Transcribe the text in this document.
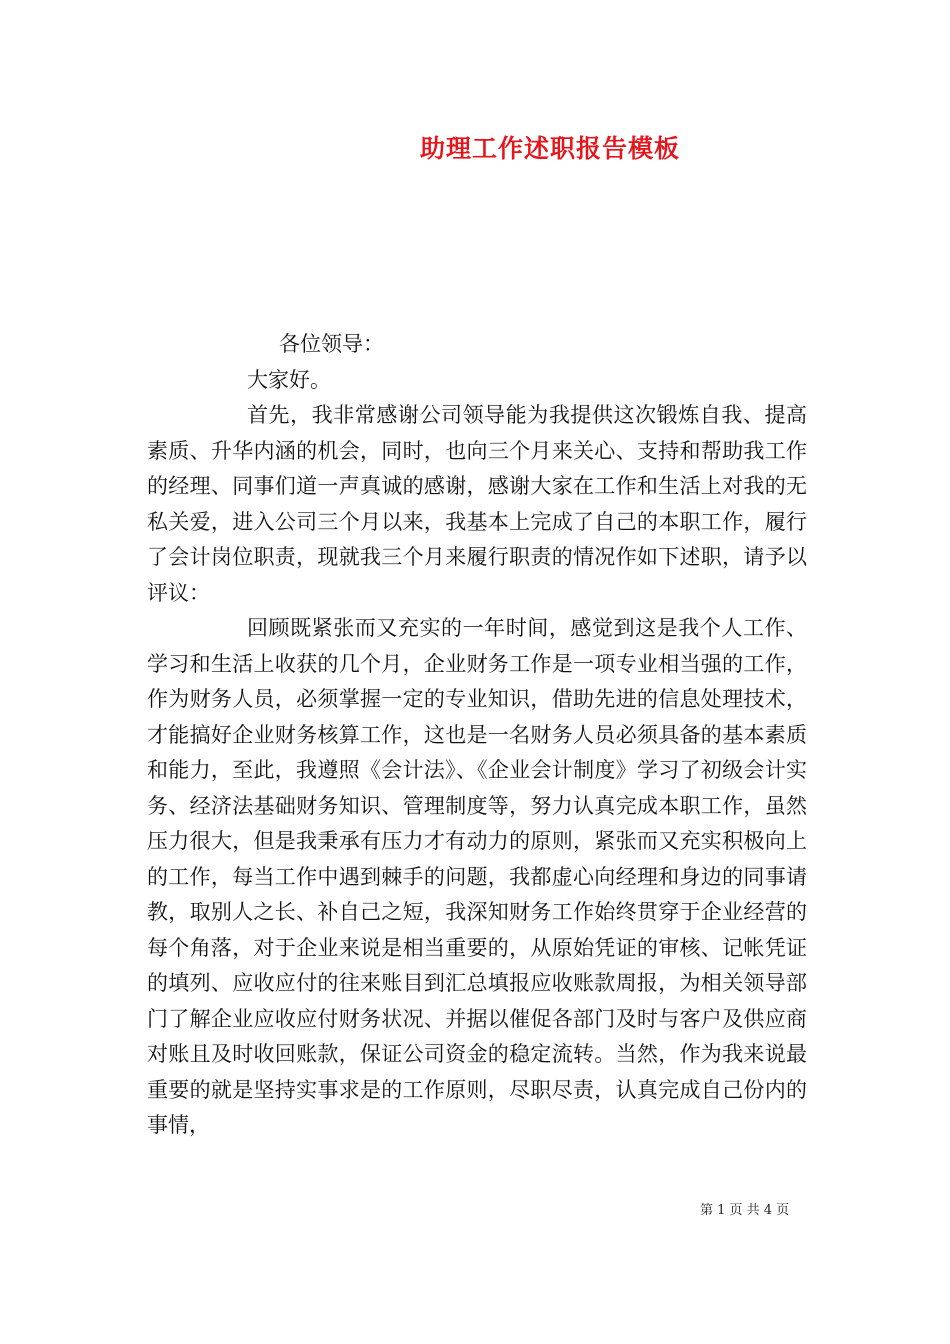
助理工作述职报告模板

各位领导：

大家好。

首先，我非常感谢公司领导能为我提供这次锻炼自我、提高素质、升华内涵的机会，同时，也向三个月来关心、支持和帮助我工作的经理、同事们道一声真诚的感谢，感谢大家在工作和生活上对我的无私关爱，进入公司三个月以来，我基本上完成了自己的本职工作，履行了会计岗位职责，现就我三个月来履行职责的情况作如下述职，请予以评议：

回顾既紧张而又充实的一年时间，感觉到这是我个人工作、学习和生活上收获的几个月，企业财务工作是一项专业相当强的工作，作为财务人员，必须掌握一定的专业知识，借助先进的信息处理技术，才能搞好企业财务核算工作，这也是一名财务人员必须具备的基本素质和能力，至此，我遵照《会计法》、《企业会计制度》学习了初级会计实务、经济法基础财务知识、管理制度等，努力认真完成本职工作，虽然压力很大，但是我秉承有压力才有动力的原则，紧张而又充实积极向上的工作，每当工作中遇到棘手的问题，我都虚心向经理和身边的同事请教，取别人之长、补自己之短，我深知财务工作始终贯穿于企业经营的每个角落，对于企业来说是相当重要的，从原始凭证的审核、记帐凭证的填列、应收应付的往来账目到汇总填报应收账款周报，为相关领导部门了解企业应收应付财务状况、并据以催促各部门及时与客户及供应商对账且及时收回账款，保证公司资金的稳定流转。当然，作为我来说最重要的就是坚持实事求是的工作原则，尽职尽责，认真完成自己份内的事情，

第 1 页 共 4 页
